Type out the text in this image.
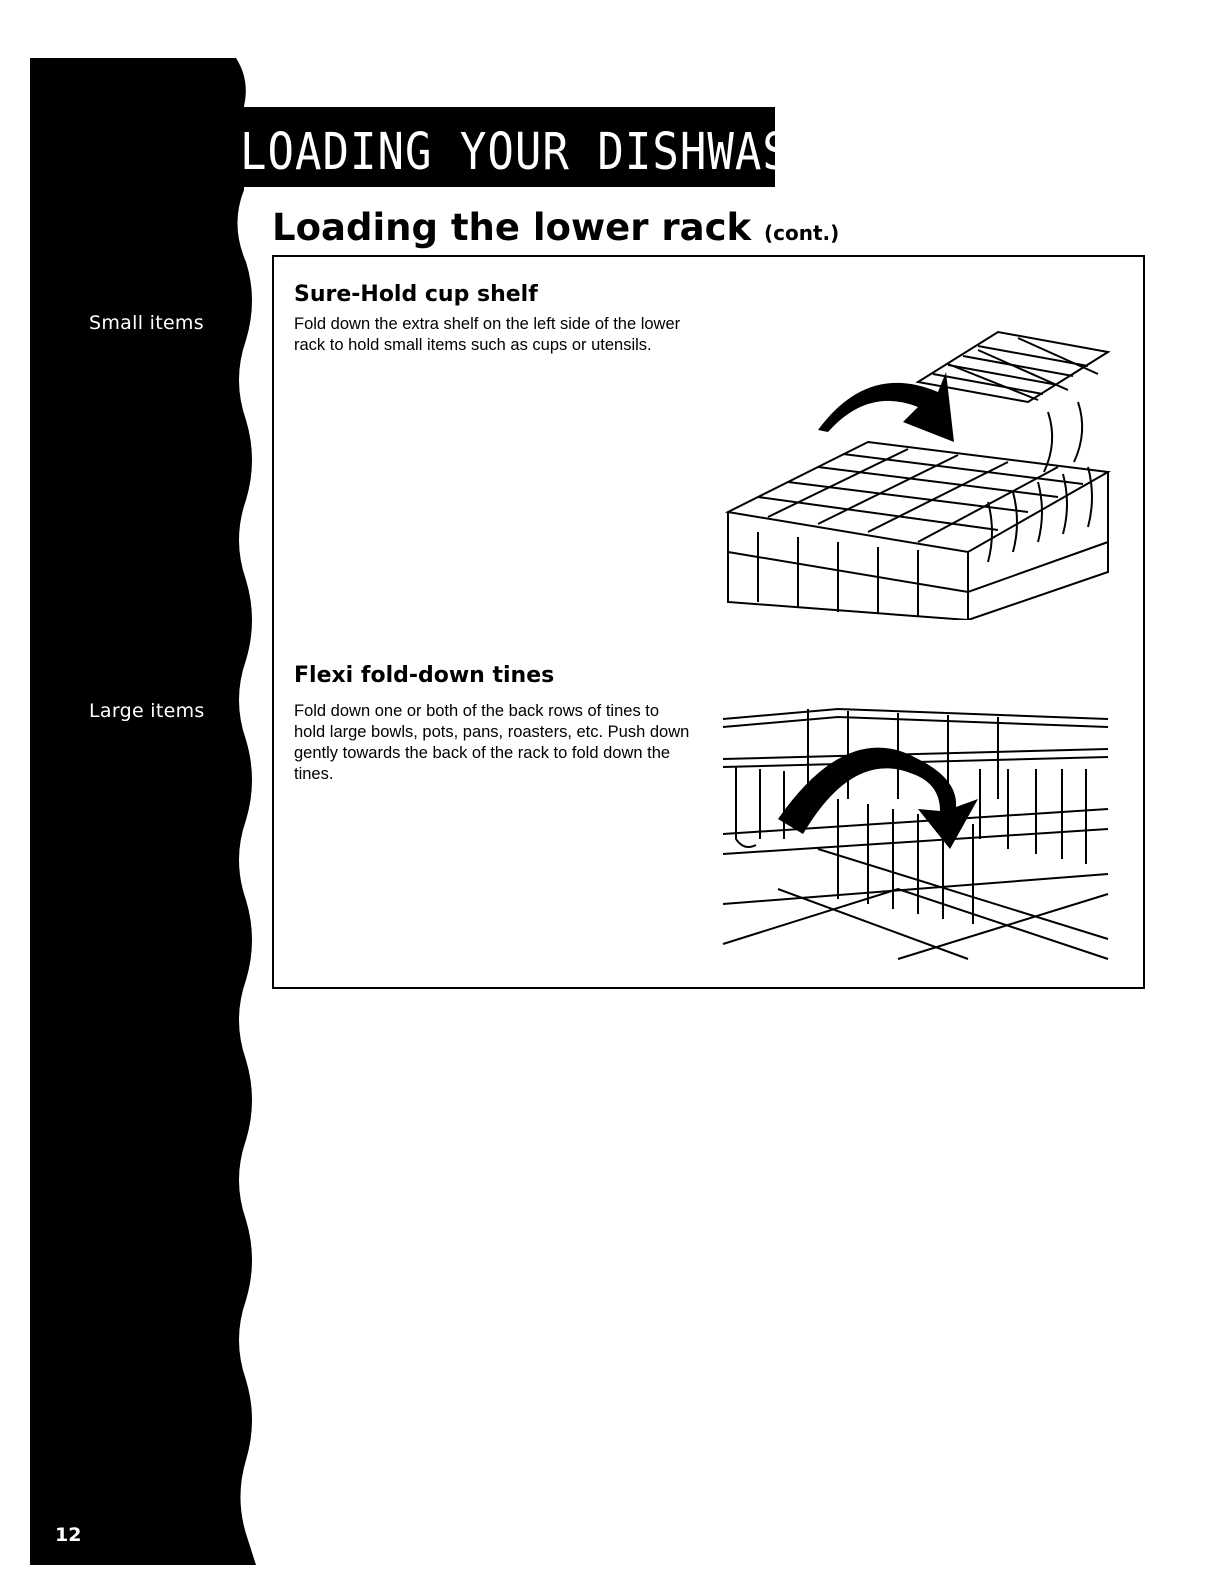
Small items
Large items
12
LOADING YOUR DISHWASHER
Loading the lower rack (cont.)
Sure-Hold cup shelf
Fold down the extra shelf on the left side of the lower rack to hold small items such as cups or utensils.
Flexi fold-down tines
Fold down one or both of the back rows of tines to hold large bowls, pots, pans, roasters, etc. Push down gently towards the back of the rack to fold down the tines.
